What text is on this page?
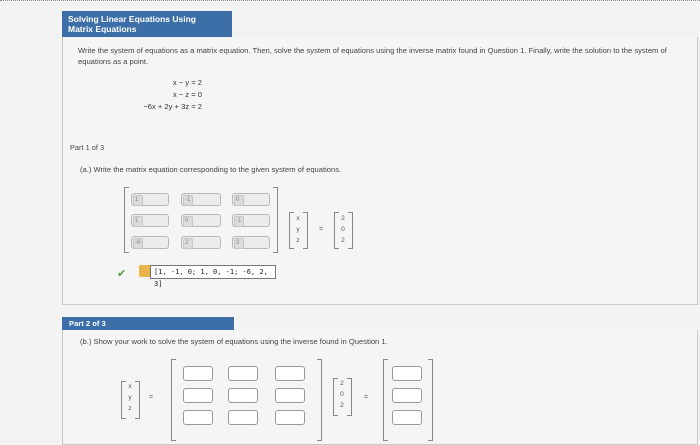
Solving Linear Equations Using
Matrix Equations
Write the system of equations as a matrix equation. Then, solve the system of equations using the inverse matrix found in Question 1. Finally, write the solution to the system of equations as a point.
x − y = 2
x − z = 0
−6x + 2y + 3z = 2
Part 1 of 3
(a.) Write the matrix equation corresponding to the given system of equations.
1	-1	0
1	0	-1
-6	2	3
x
y
z
=
2
0
2
✔	[1, -1, 0; 1, 0, -1; -6, 2, 3]
Part 2 of 3
(b.) Show your work to solve the system of equations using the inverse found in Question 1.
x
y
z
=
2
0
2
=
